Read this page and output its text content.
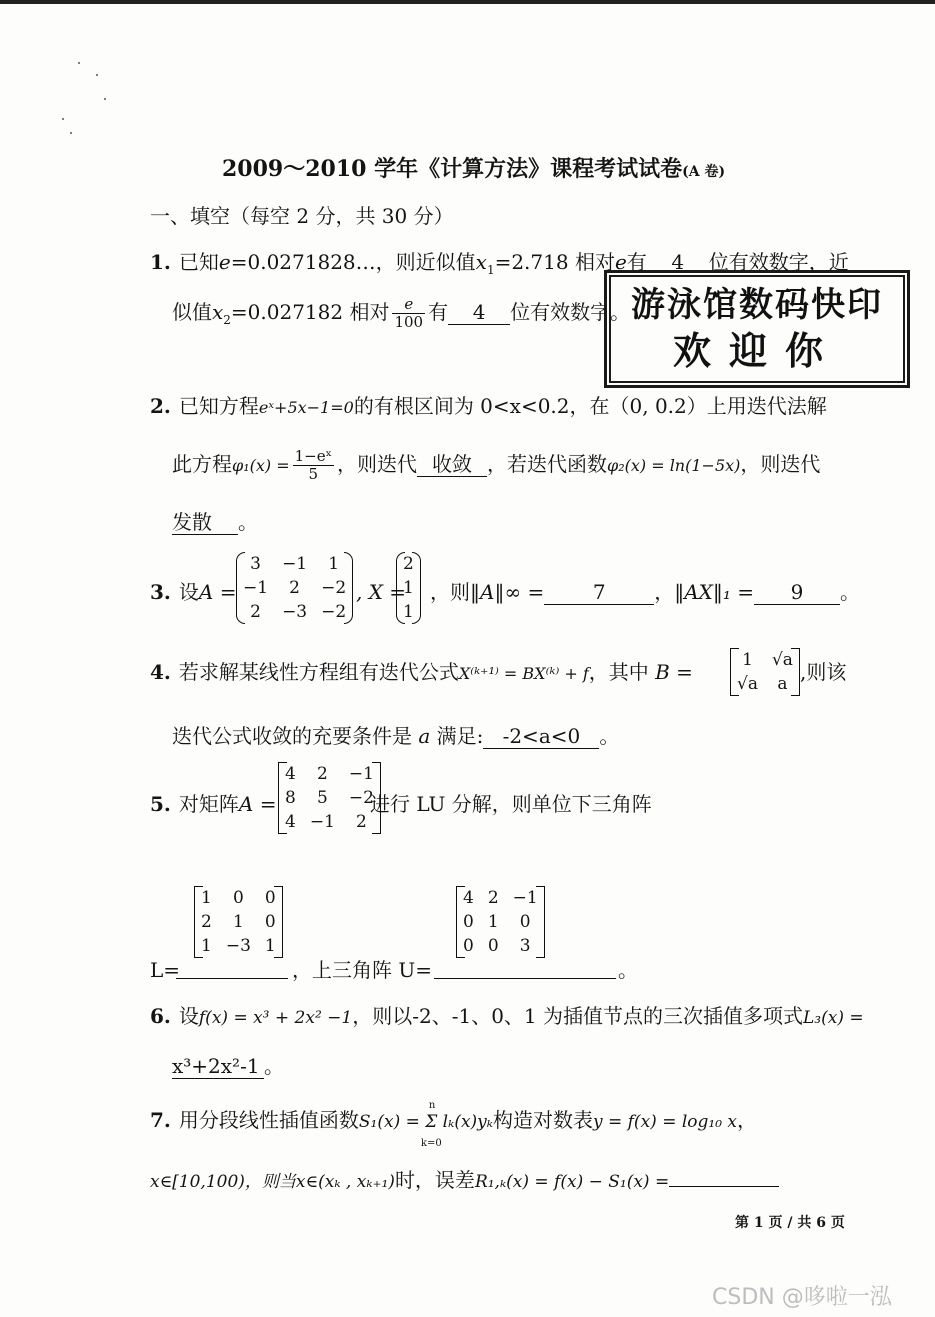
2009～2010 学年《计算方法》课程考试试卷(A 卷)
一、填空（每空 2 分，共 30 分）
1. 已知e=0.0271828…，则近似值$x_1=2.718$ 相对e有 4 位有效数字，近
似值$x_2=0.027182$ 相对 $\frac{e}{100}$ 有 4 位有效数字。 游泳馆数码快印
欢迎你
2. 已知方程eˣ+5x−1=0的有根区间为 0<x<0.2，在（0, 0.2）上用迭代法解
此方程$\varphi_1(x) = \frac{\text{1−eˣ}}{5}$ ，则迭代 收敛 ，若迭代函数φ₂(x) = ln(1−5x)，则迭代
发散 。
3. 设A =
3	−1	1
−1	2	−2
2	−3	−2
, X =
2
1
1
，则‖A‖∞ = 7 ，‖AX‖₁ = 9 。
4. 若求解某线性方程组有迭代公式X⁽ᵏ⁺¹⁾ = BX⁽ᵏ⁾ + f，其中 B =	1	√a
√a	a ,则该
迭代公式收敛的充要条件是 a 满足: -2<a<0 。
5. 对矩阵A =
4	2	−1
8	5	−2
4	−1	2
进行 LU 分解，则单位下三角阵
L=
1	0	0
2	1	0
1	−3	1
，上三角阵 U=
4	2	−1
0	1	0
0	0	3
。
6. 设f(x) = x³ + 2x² −1，则以-2、-1、0、1 为插值节点的三次插值多项式L₃(x) =
x³+2x²-1 。
7. 用分段线性插值函数S₁(x) = Σ lₖ(x)yₖ
n
k=0
构造对数表y = f(x) = log₁₀ x，
x∈[10,100)，则当x∈(xₖ , xₖ₊₁)时，误差R₁,ₖ(x) = f(x) − S₁(x) =
第 1 页 / 共 6 页
CSDN @哆啦一泓
